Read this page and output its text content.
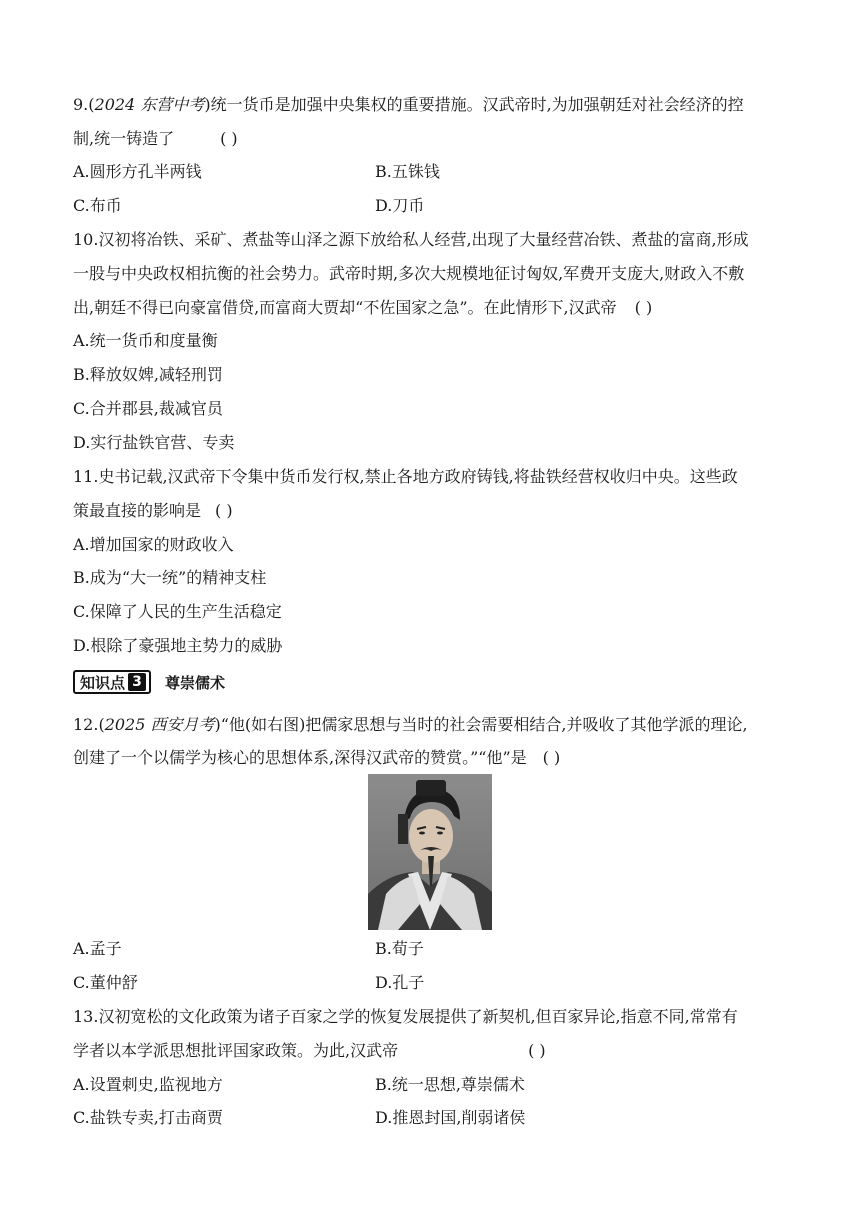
9.(2024 东营中考)统一货币是加强中央集权的重要措施。汉武帝时,为加强朝廷对社会经济的控
制,统一铸造了	( )
A.圆形方孔半两钱	B.五铢钱
C.布币	D.刀币
10.汉初将冶铁、采矿、煮盐等山泽之源下放给私人经营,出现了大量经营冶铁、煮盐的富商,形成
一股与中央政权相抗衡的社会势力。武帝时期,多次大规模地征讨匈奴,军费开支庞大,财政入不敷
出,朝廷不得已向豪富借贷,而富商大贾却“不佐国家之急”。在此情形下,汉武帝 ( )
A.统一货币和度量衡
B.释放奴婢,减轻刑罚
C.合并郡县,裁减官员
D.实行盐铁官营、专卖
11.史书记载,汉武帝下令集中货币发行权,禁止各地方政府铸钱,将盐铁经营权收归中央。这些政
策最直接的影响是 ( )
A.增加国家的财政收入
B.成为“大一统”的精神支柱
C.保障了人民的生产生活稳定
D.根除了豪强地主势力的威胁
知识点 3 尊崇儒术
12.(2025 西安月考)“他(如右图)把儒家思想与当时的社会需要相结合,并吸收了其他学派的理论,
创建了一个以儒学为核心的思想体系,深得汉武帝的赞赏。”“他”是 ( )
A.孟子	B.荀子
C.董仲舒	D.孔子
13.汉初宽松的文化政策为诸子百家之学的恢复发展提供了新契机,但百家异论,指意不同,常常有
学者以本学派思想批评国家政策。为此,汉武帝	( )
A.设置刺史,监视地方	B.统一思想,尊崇儒术
C.盐铁专卖,打击商贾	D.推恩封国,削弱诸侯
